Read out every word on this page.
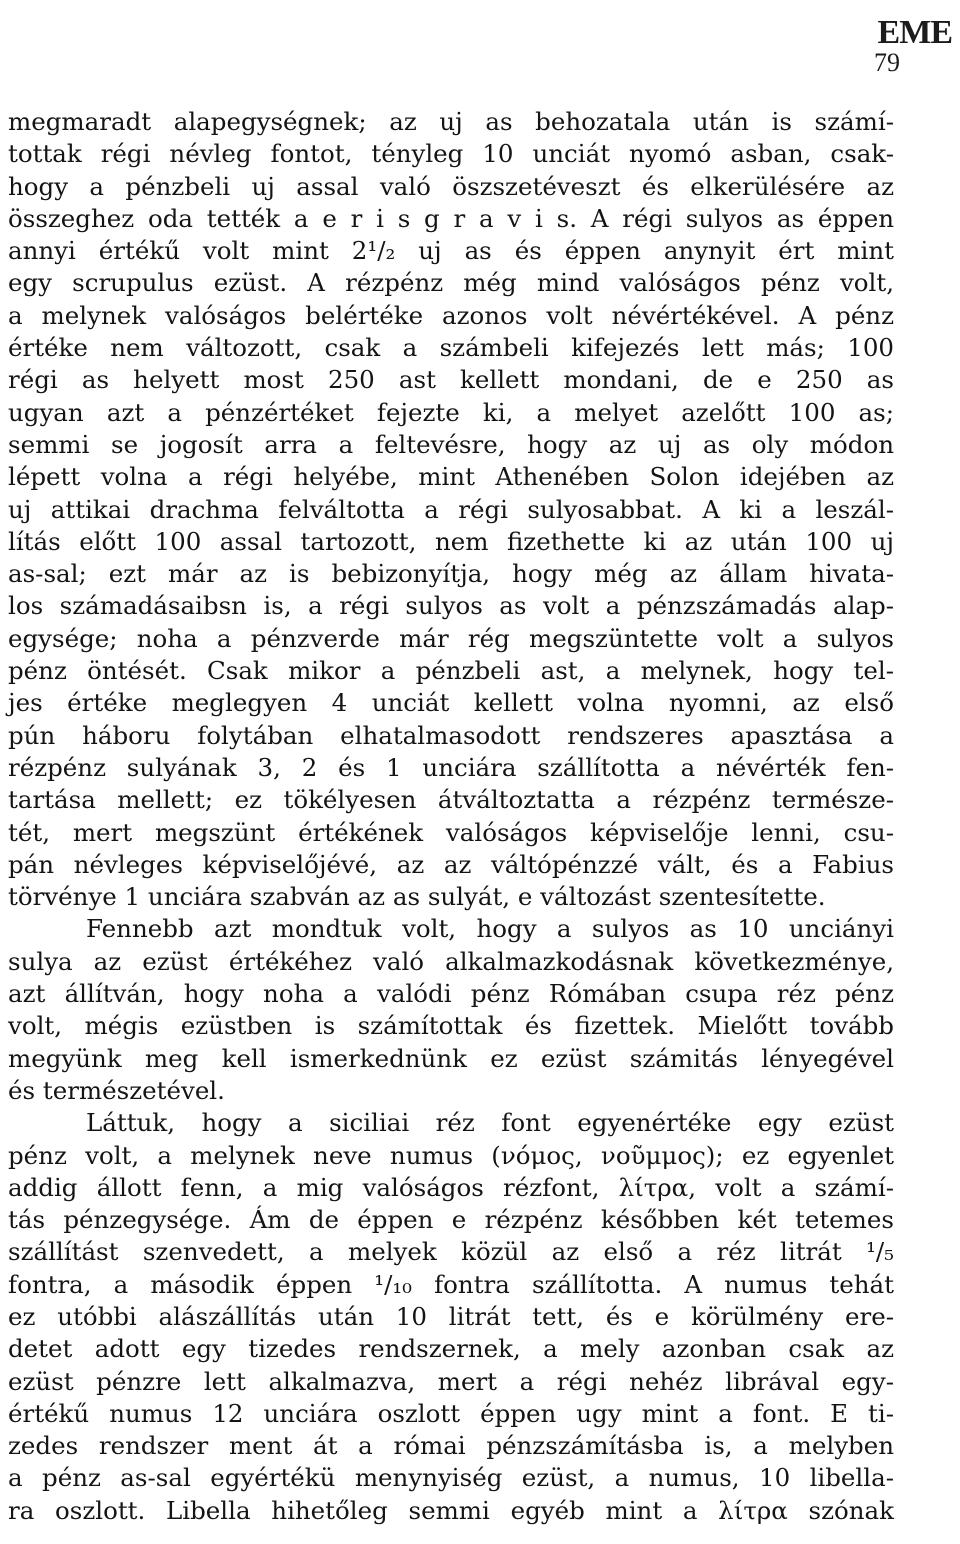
EME
79
megmaradt alapegységnek; az uj as behozatala után is számí-
tottak régi névleg fontot, tényleg 10 unciát nyomó asban, csak-
hogy a pénzbeli uj assal való öszszetéveszt és elkerülésére az
összeghez oda tették a e r i s g r a v i s. A régi sulyos as éppen
annyi értékű volt mint 2¹/₂ uj as és éppen anynyit ért mint
egy scrupulus ezüst. A rézpénz még mind valóságos pénz volt,
a melynek valóságos belértéke azonos volt névértékével. A pénz
értéke nem változott, csak a számbeli kifejezés lett más; 100
régi as helyett most 250 ast kellett mondani, de e 250 as
ugyan azt a pénzértéket fejezte ki, a melyet azelőtt 100 as;
semmi se jogosít arra a feltevésre, hogy az uj as oly módon
lépett volna a régi helyébe, mint Athenében Solon idejében az
uj attikai drachma felváltotta a régi sulyosabbat. A ki a leszál-
lítás előtt 100 assal tartozott, nem fizethette ki az után 100 uj
as-sal; ezt már az is bebizonyítja, hogy még az állam hivata-
los számadásaibsn is, a régi sulyos as volt a pénzszámadás alap-
egysége; noha a pénzverde már rég megszüntette volt a sulyos
pénz öntését. Csak mikor a pénzbeli ast, a melynek, hogy tel-
jes értéke meglegyen 4 unciát kellett volna nyomni, az első
pún háboru folytában elhatalmasodott rendszeres apasztása a
rézpénz sulyának 3, 2 és 1 unciára szállította a névérték fen-
tartása mellett; ez tökélyesen átváltoztatta a rézpénz természe-
tét, mert megszünt értékének valóságos képviselője lenni, csu-
pán névleges képviselőjévé, az az váltópénzzé vált, és a Fabius
törvénye 1 unciára szabván az as sulyát, e változást szentesítette.
Fennebb azt mondtuk volt, hogy a sulyos as 10 unciányi
sulya az ezüst értékéhez való alkalmazkodásnak következménye,
azt állítván, hogy noha a valódi pénz Rómában csupa réz pénz
volt, mégis ezüstben is számítottak és fizettek. Mielőtt tovább
megyünk meg kell ismerkednünk ez ezüst számitás lényegével
és természetével.
Láttuk, hogy a siciliai réz font egyenértéke egy ezüst
pénz volt, a melynek neve numus (νόμος, νοῦμμος); ez egyenlet
addig állott fenn, a mig valóságos rézfont, λίτρα, volt a számí-
tás pénzegysége. Ám de éppen e rézpénz későbben két tetemes
szállítást szenvedett, a melyek közül az első a réz litrát ¹/₅
fontra, a második éppen ¹/₁₀ fontra szállította. A numus tehát
ez utóbbi alászállítás után 10 litrát tett, és e körülmény ere-
detet adott egy tizedes rendszernek, a mely azonban csak az
ezüst pénzre lett alkalmazva, mert a régi nehéz librával egy-
értékű numus 12 unciára oszlott éppen ugy mint a font. E ti-
zedes rendszer ment át a római pénzszámításba is, a melyben
a pénz as-sal egyértékü menynyiség ezüst, a numus, 10 libella-
ra oszlott. Libella hihetőleg semmi egyéb mint a λίτρα szónak
